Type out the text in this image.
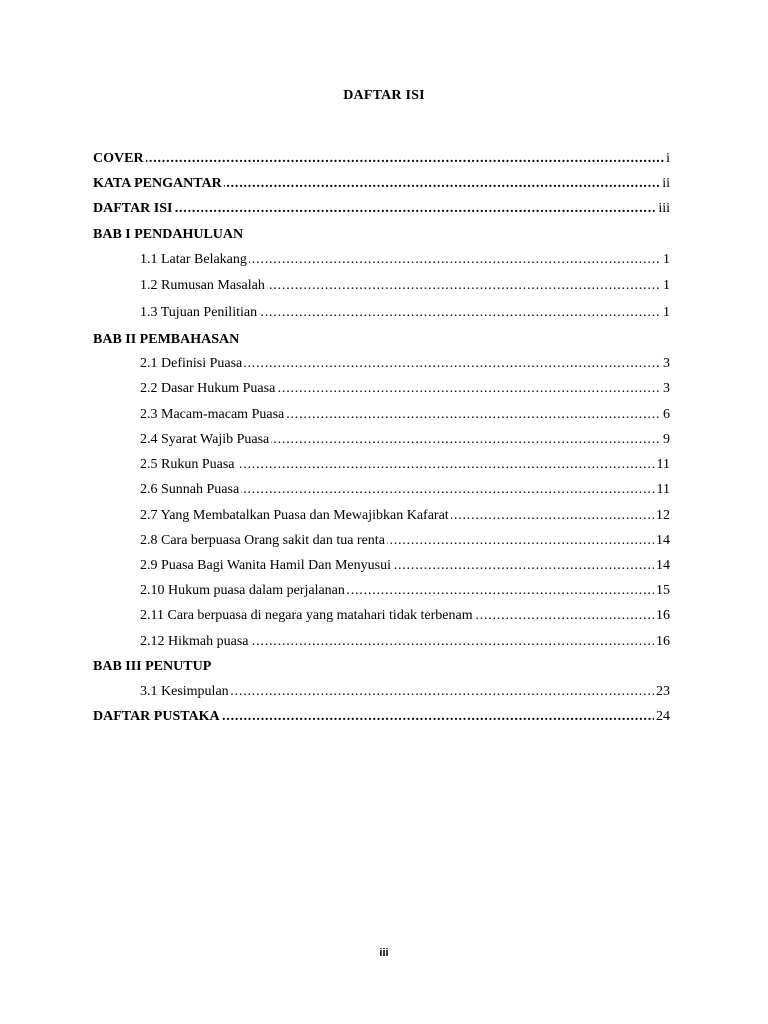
DAFTAR ISI
.....
COVER	i
.....
KATA PENGANTAR	ii
.....
DAFTAR ISI	iii
BAB I PENDAHULUAN
.....
1.1 Latar Belakang	1
.....
1.2 Rumusan Masalah	1
.....
1.3 Tujuan Penilitian	1
BAB II PEMBAHASAN
.....
2.1 Definisi Puasa	3
.....
2.2 Dasar Hukum Puasa	3
.....
2.3 Macam-macam Puasa	6
.....
2.4 Syarat Wajib Puasa	9
.....
2.5 Rukun Puasa	11
.....
2.6 Sunnah Puasa	11
.....
2.7 Yang Membatalkan Puasa dan Mewajibkan Kafarat	12
.....
2.8 Cara berpuasa Orang sakit dan tua renta	14
.....
2.9 Puasa Bagi Wanita Hamil Dan Menyusui	14
.....
2.10 Hukum puasa dalam perjalanan	15
.....
2.11 Cara berpuasa di negara yang matahari tidak terbenam	16
.....
2.12 Hikmah puasa	16
BAB III PENUTUP
.....
3.1 Kesimpulan	23
.....
DAFTAR PUSTAKA	24
iii
